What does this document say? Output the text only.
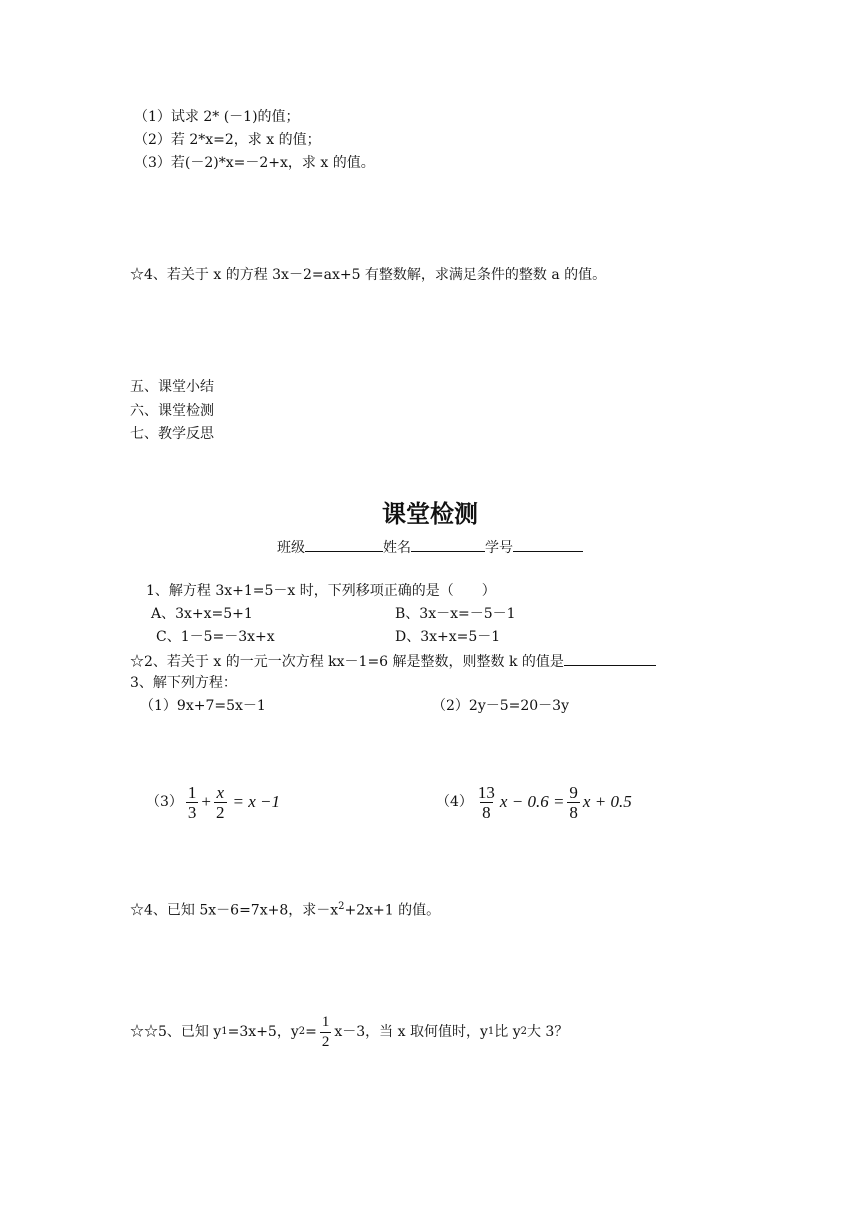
（1）试求 2* (－1)的值；
（2）若 2*x=2，求 x 的值；
（3）若(－2)*x=－2+x，求 x 的值。
☆4、若关于 x 的方程 3x－2=ax+5 有整数解，求满足条件的整数 a 的值。
五、课堂小结
六、课堂检测
七、教学反思
课堂检测
班级	姓名	学号
1、解方程 3x+1=5－x 时，下列移项正确的是（　　）
A、3x+x=5+1	B、3x－x=－5－1
C、1－5=－3x+x	D、3x+x=5－1
☆2、若关于 x 的一元一次方程 kx－1=6 解是整数，则整数 k 的值是
3、解下列方程：
（1）9x+7=5x－1	（2）2y－5=20－3y
$(3) \frac{1}{3} + \frac{x}{2} = x -1$	$(4) \frac{13}{8}$ $x - 0.6 = \frac{9}{8}$ x + 0.5
☆4、已知 5x－6=7x+8，求$-x^2+2x+1$ 的值。
☆☆5、已知 y 1 =3x+5，y $2 = \frac{1}{2} x-3$，当 x 取何值时，y 1 比 y 2 大 3？
